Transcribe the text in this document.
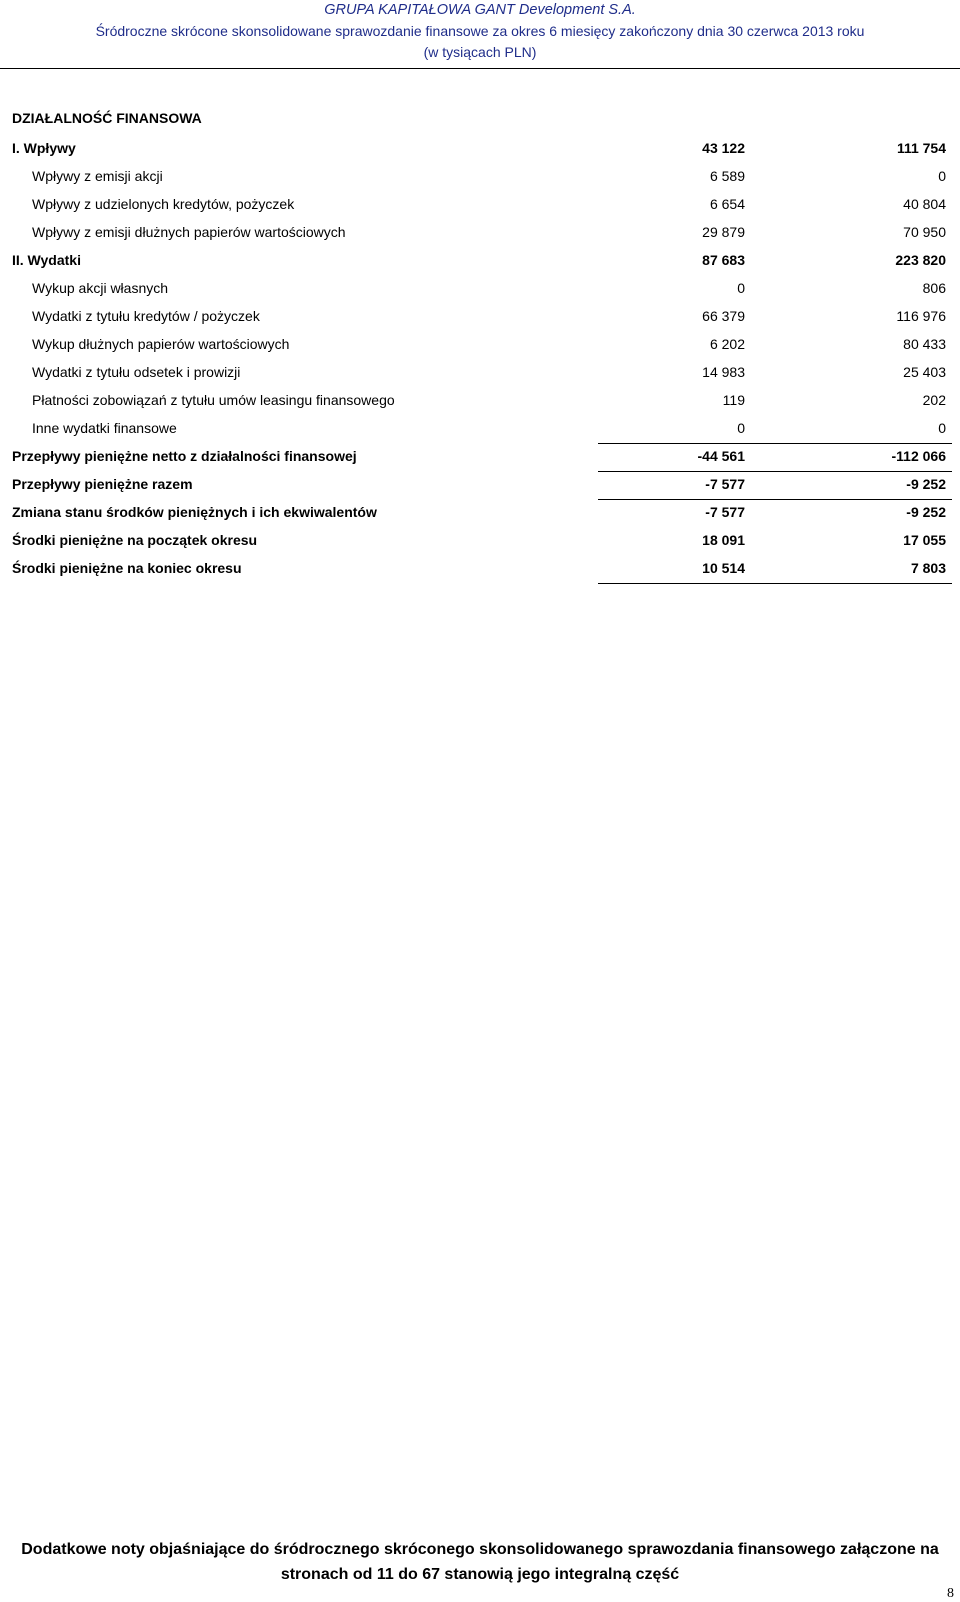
GRUPA KAPITAŁOWA GANT Development S.A.
Śródroczne skrócone skonsolidowane sprawozdanie finansowe za okres 6 miesięcy zakończony dnia 30 czerwca 2013 roku
(w tysiącach PLN)
DZIAŁALNOŚĆ FINANSOWA
I. Wpływy	43 122	111 754
Wpływy z emisji akcji	6 589	0
Wpływy z udzielonych kredytów, pożyczek	6 654	40 804
Wpływy z emisji dłużnych papierów wartościowych	29 879	70 950
II. Wydatki	87 683	223 820
Wykup akcji własnych	0	806
Wydatki z tytułu kredytów / pożyczek	66 379	116 976
Wykup dłużnych papierów wartościowych	6 202	80 433
Wydatki z tytułu odsetek i prowizji	14 983	25 403
Płatności zobowiązań z tytułu umów leasingu finansowego	119	202
Inne wydatki finansowe	0	0
Przepływy pieniężne netto z działalności finansowej	-44 561	-112 066
Przepływy pieniężne razem	-7 577	-9 252
Zmiana stanu środków pieniężnych i ich ekwiwalentów	-7 577	-9 252
Środki pieniężne na początek okresu	18 091	17 055
Środki pieniężne na koniec okresu	10 514	7 803
Dodatkowe noty objaśniające do śródrocznego skróconego skonsolidowanego sprawozdania finansowego załączone na
stronach od 11 do 67 stanowią jego integralną część
8
